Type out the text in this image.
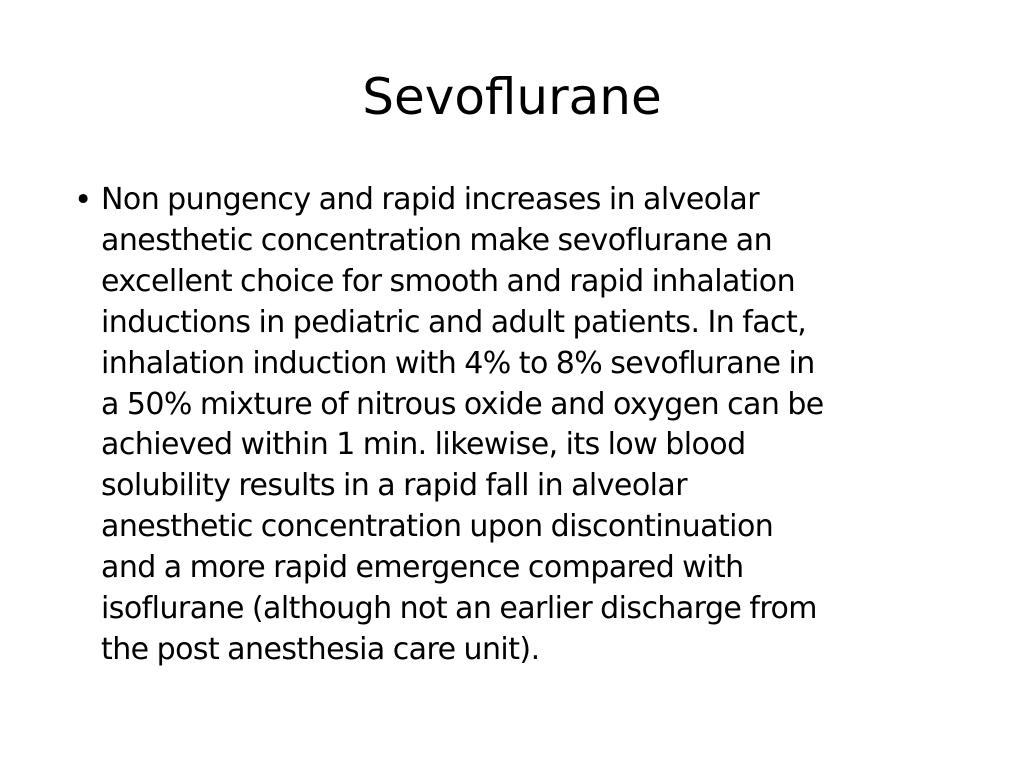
Sevoflurane
• Non pungency and rapid increases in alveolar
anesthetic concentration make sevoflurane an
excellent choice for smooth and rapid inhalation
inductions in pediatric and adult patients. In fact,
inhalation induction with 4% to 8% sevoflurane in
a 50% mixture of nitrous oxide and oxygen can be
achieved within 1 min. likewise, its low blood
solubility results in a rapid fall in alveolar
anesthetic concentration upon discontinuation
and a more rapid emergence compared with
isoflurane (although not an earlier discharge from
the post anesthesia care unit).
